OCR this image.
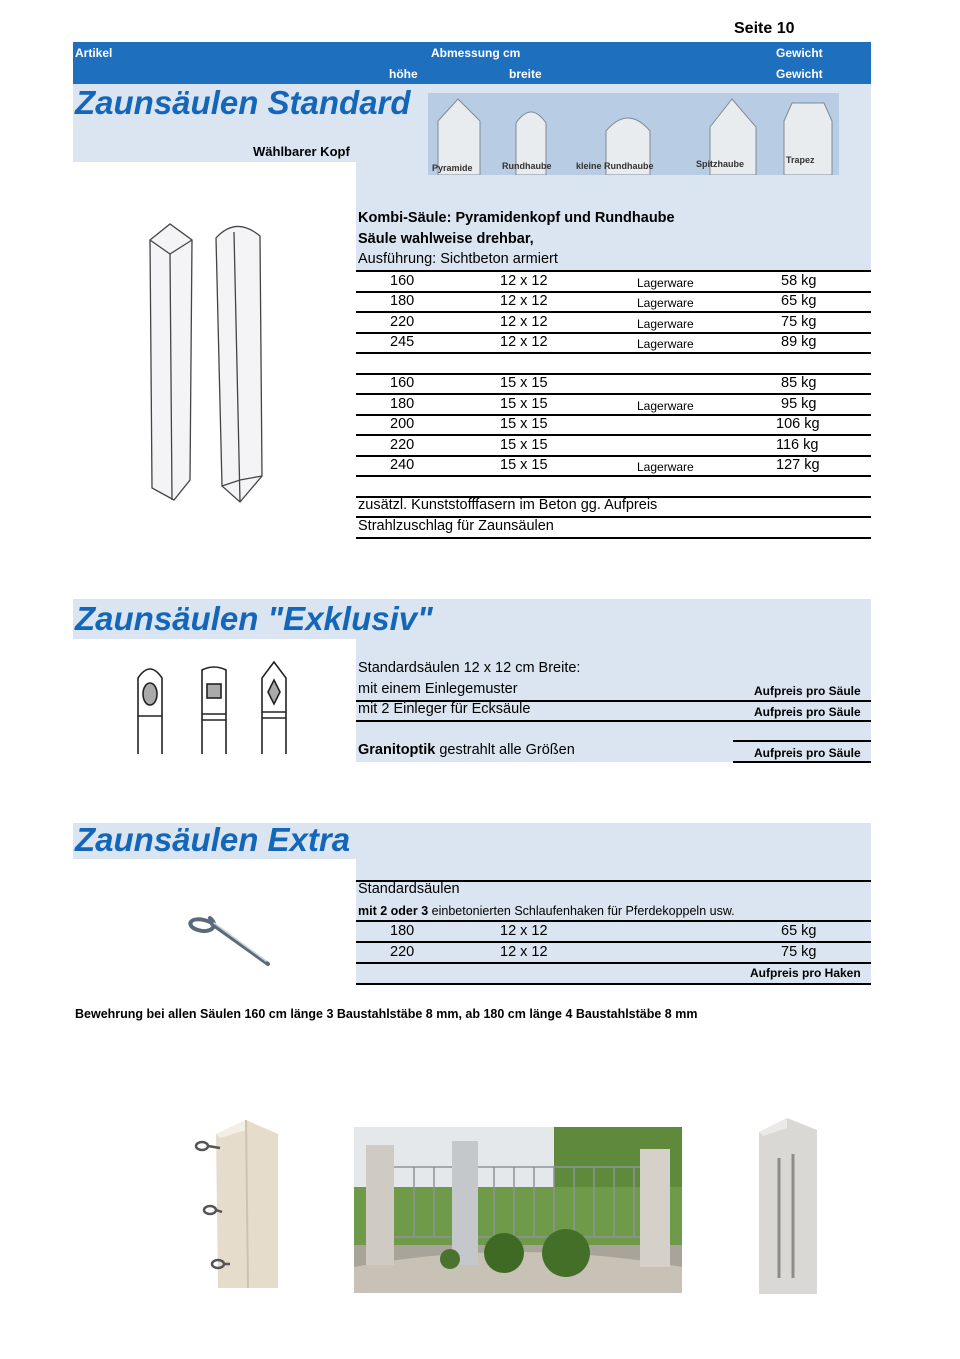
Seite 10
Artikel	Abmessung cm	Gewicht
höhe	breite	Gewicht
Zaunsäulen Standard
Wählbarer Kopf
Pyramide	Rundhaube	kleine Rundhaube	Spitzhaube	Trapez
Kombi-Säule: Pyramidenkopf und Rundhaube
Säule wahlweise drehbar,
Ausführung: Sichtbeton armiert
160	12 x 12	Lagerware	58 kg
180	12 x 12	Lagerware	65 kg
220	12 x 12	Lagerware	75 kg
245	12 x 12	Lagerware	89 kg
160	15 x 15	85 kg
180	15 x 15	Lagerware	95 kg
200	15 x 15	106 kg
220	15 x 15	116 kg
240	15 x 15	Lagerware	127 kg
zusätzl. Kunststofffasern im Beton gg. Aufpreis
Strahlzuschlag für Zaunsäulen
Zaunsäulen "Exklusiv"
Standardsäulen 12 x 12 cm Breite:
mit einem Einlegemuster	Aufpreis pro Säule
mit 2 Einleger für Ecksäule	Aufpreis pro Säule
Granitoptik gestrahlt alle Größen	Aufpreis pro Säule
Zaunsäulen Extra
Standardsäulen
mit 2 oder 3 einbetonierten Schlaufenhaken für Pferdekoppeln usw.
180	12 x 12	65 kg
220	12 x 12	75 kg
Aufpreis pro Haken
Bewehrung bei allen Säulen 160 cm länge 3 Baustahlstäbe 8 mm, ab 180 cm länge 4 Baustahlstäbe 8 mm
